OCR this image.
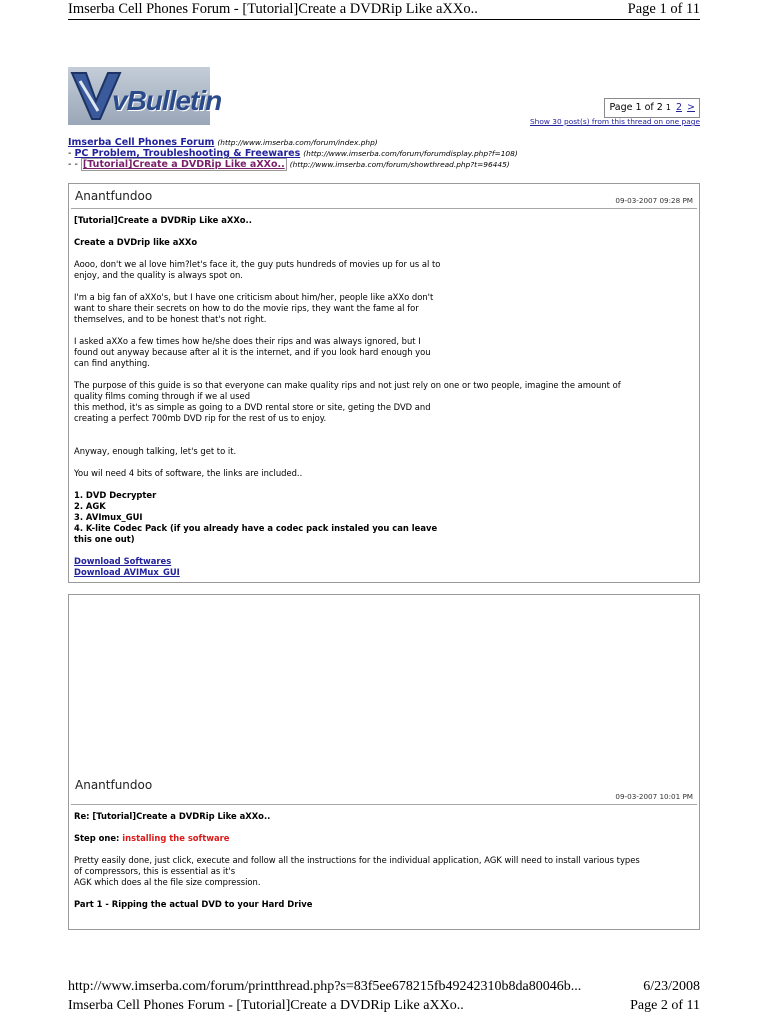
Imserba Cell Phones Forum - [Tutorial]Create a DVDRip Like aXXo..	Page 1 of 11
vBulletin	Page 1 of 2 1 2 >
Show 30 post(s) from this thread on one page
Imserba Cell Phones Forum (http://www.imserba.com/forum/index.php)
- PC Problem, Troubleshooting & Freewares (http://www.imserba.com/forum/forumdisplay.php?f=108)
- - [Tutorial]Create a DVDRip Like aXXo.. (http://www.imserba.com/forum/showthread.php?t=96445)
Anantfundoo	09-03-2007 09:28 PM

[Tutorial]Create a DVDRip Like aXXo..

Create a DVDrip like aXXo

Aooo, don't we al love him?let's face it, the guy puts hundreds of movies up for us al to
enjoy, and the quality is always spot on.

I'm a big fan of aXXo's, but I have one criticism about him/her, people like aXXo don't
want to share their secrets on how to do the movie rips, they want the fame al for
themselves, and to be honest that's not right.

I asked aXXo a few times how he/she does their rips and was always ignored, but I
found out anyway because after al it is the internet, and if you look hard enough you
can find anything.

The purpose of this guide is so that everyone can make quality rips and not just rely on one or two people, imagine the amount of
quality films coming through if we al used
this method, it's as simple as going to a DVD rental store or site, geting the DVD and
creating a perfect 700mb DVD rip for the rest of us to enjoy.

Anyway, enough talking, let's get to it.

You wil need 4 bits of software, the links are included..

1. DVD Decrypter
2. AGK
3. AVImux_GUI
4. K-lite Codec Pack (if you already have a codec pack instaled you can leave
this one out)

Download Softwares

Download AVIMux_GUI

Anantfundoo
09-03-2007 10:01 PM

Re: [Tutorial]Create a DVDRip Like aXXo..

Step one: installing the software

Pretty easily done, just click, execute and follow all the instructions for the individual application, AGK will need to install various types
of compressors, this is essential as it's
AGK which does al the file size compression.

Part 1 - Ripping the actual DVD to your Hard Drive

http://www.imserba.com/forum/printthread.php?s=83f5ee678215fb49242310b8da80046b...	6/23/2008
Imserba Cell Phones Forum - [Tutorial]Create a DVDRip Like aXXo..	Page 2 of 11
